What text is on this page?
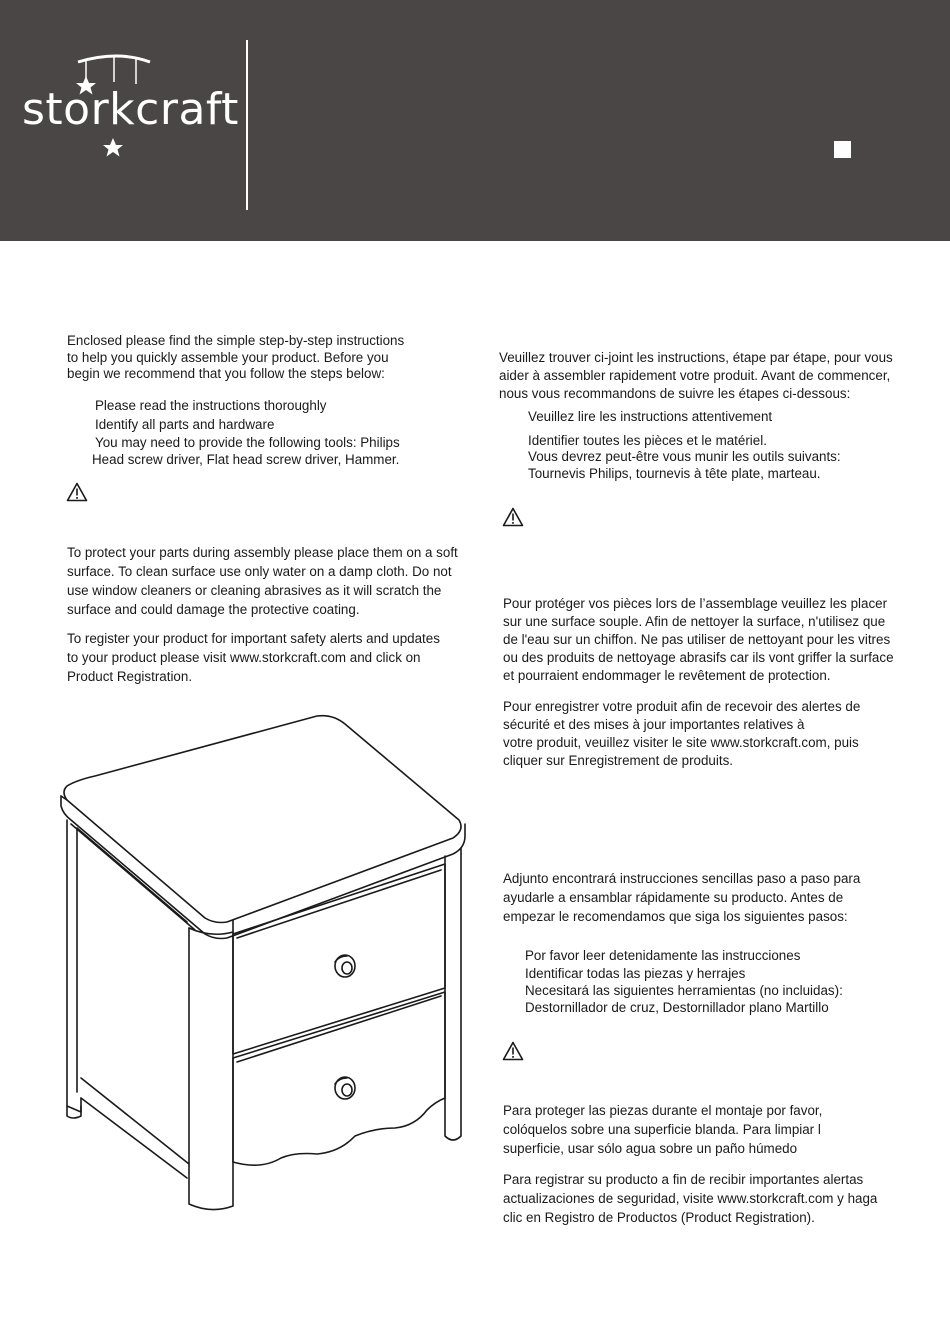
storkcraft
Enclosed please find the simple step-by-step instructions
to help you quickly assemble your product. Before you
begin we recommend that you follow the steps below:
Please read the instructions thoroughly
Identify all parts and hardware
You may need to provide the following tools: Philips
Head screw driver, Flat head screw driver, Hammer.
To protect your parts during assembly please place them on a soft
surface. To clean surface use only water on a damp cloth. Do not
use window cleaners or cleaning abrasives as it will scratch the
surface and could damage the protective coating.
To register your product for important safety alerts and updates
to your product please visit www.storkcraft.com and click on
Product Registration.
Veuillez trouver ci-joint les instructions, étape par étape, pour vous
aider à assembler rapidement votre produit. Avant de commencer,
nous vous recommandons de suivre les étapes ci-dessous:
Veuillez lire les instructions attentivement
Identifier toutes les pièces et le matériel.
Vous devrez peut-être vous munir les outils suivants:
Tournevis Philips, tournevis à tête plate, marteau.
Pour protéger vos pièces lors de l’assemblage veuillez les placer
sur une surface souple. Afin de nettoyer la surface, n'utilisez que
de l'eau sur un chiffon. Ne pas utiliser de nettoyant pour les vitres
ou des produits de nettoyage abrasifs car ils vont griffer la surface
et pourraient endommager le revêtement de protection.
Pour enregistrer votre produit afin de recevoir des alertes de
sécurité et des mises à jour importantes relatives à
votre produit, veuillez visiter le site www.storkcraft.com, puis
cliquer sur Enregistrement de produits.
Adjunto encontrará instrucciones sencillas paso a paso para
ayudarle a ensamblar rápidamente su producto. Antes de
empezar le recomendamos que siga los siguientes pasos:
Por favor leer detenidamente las instrucciones
Identificar todas las piezas y herrajes
Necesitará las siguientes herramientas (no incluidas):
Destornillador de cruz, Destornillador plano Martillo
Para proteger las piezas durante el montaje por favor,
colóquelos sobre una superficie blanda. Para limpiar l
superficie, usar sólo agua sobre un paño húmedo
Para registrar su producto a fin de recibir importantes alertas
actualizaciones de seguridad, visite www.storkcraft.com y haga
clic en Registro de Productos (Product Registration).
